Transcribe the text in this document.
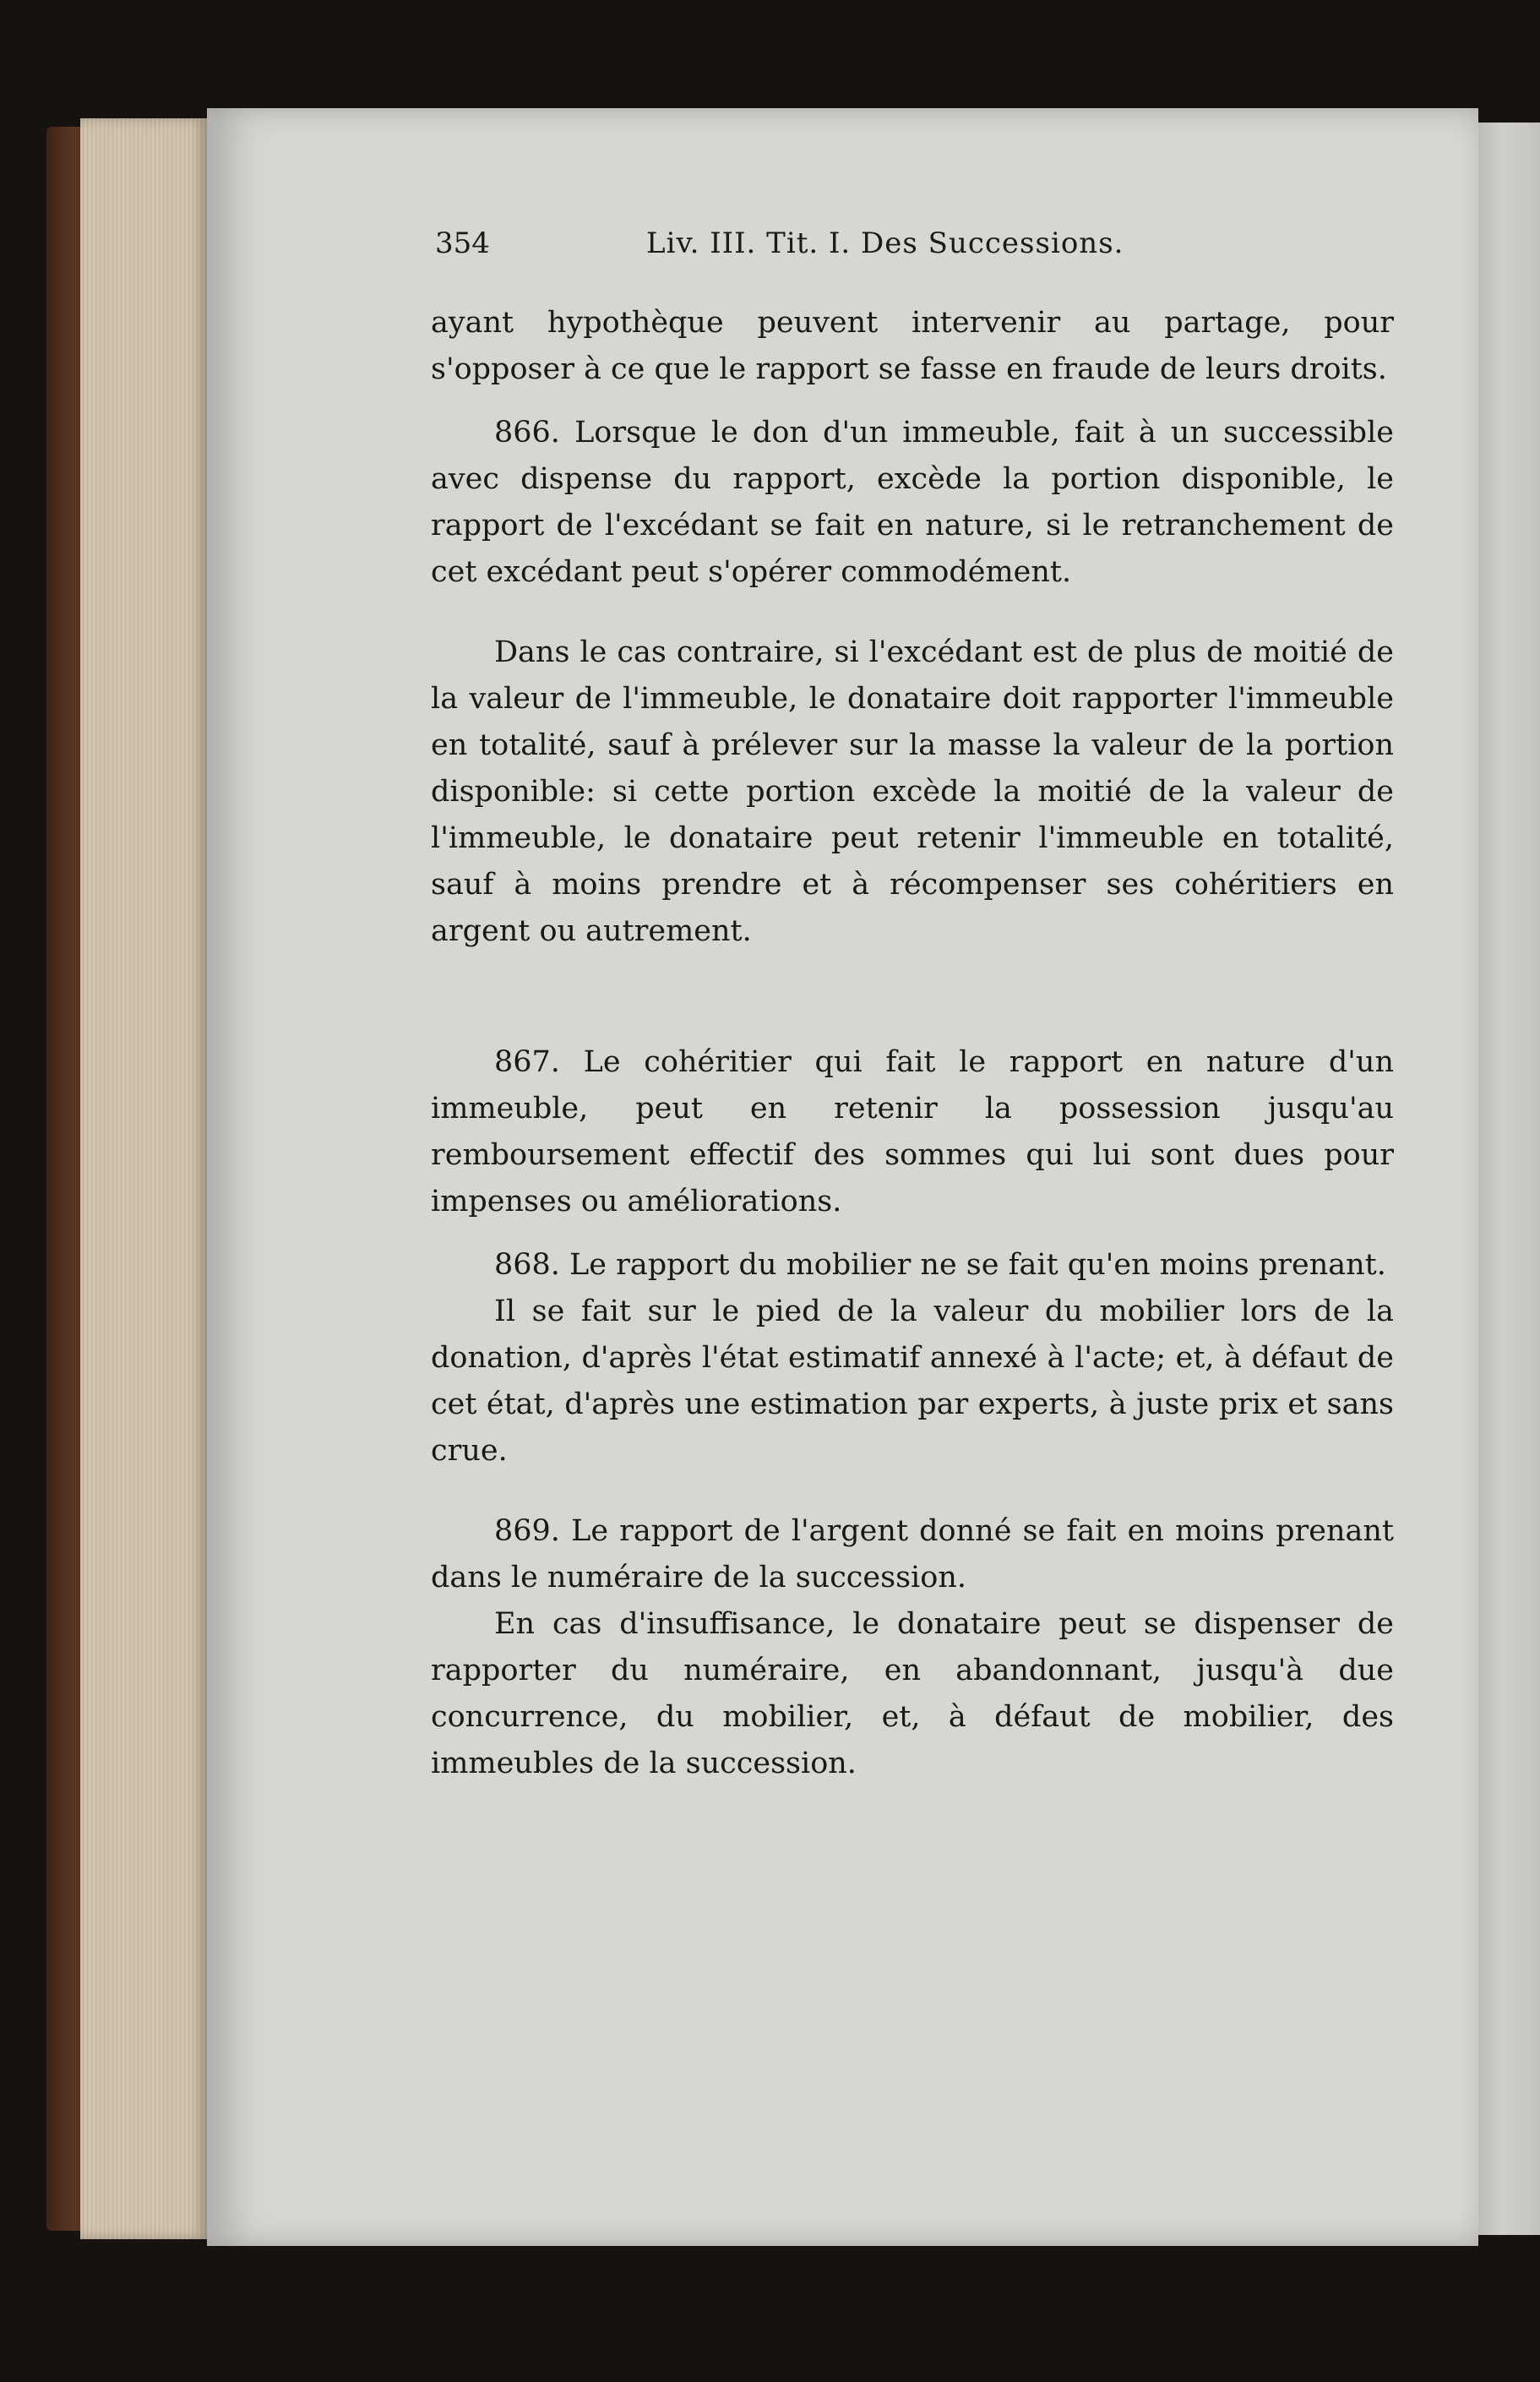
354	Liv. III. Tit. I. Des Successions.

ayant hypothèque peuvent intervenir au partage, pour s'opposer à ce que le rapport se fasse en fraude de leurs droits.

866. Lorsque le don d'un immeuble, fait à un successible avec dispense du rapport, excède la portion disponible, le rapport de l'excédant se fait en nature, si le retranchement de cet excédant peut s'opérer commodément.

Dans le cas contraire, si l'excédant est de plus de moitié de la valeur de l'immeuble, le donataire doit rapporter l'immeuble en totalité, sauf à prélever sur la masse la valeur de la portion disponible: si cette portion excède la moitié de la valeur de l'immeuble, le donataire peut retenir l'immeuble en totalité, sauf à moins prendre et à récompenser ses cohéritiers en argent ou autrement.

867. Le cohéritier qui fait le rapport en nature d'un immeuble, peut en retenir la possession jusqu'au remboursement effectif des sommes qui lui sont dues pour impenses ou améliorations.

868. Le rapport du mobilier ne se fait qu'en moins prenant.

Il se fait sur le pied de la valeur du mobilier lors de la donation, d'après l'état estimatif annexé à l'acte; et, à défaut de cet état, d'après une estimation par experts, à juste prix et sans crue.

869. Le rapport de l'argent donné se fait en moins prenant dans le numéraire de la succession.

En cas d'insuffisance, le donataire peut se dispenser de rapporter du numéraire, en abandonnant, jusqu'à due concurrence, du mobilier, et, à défaut de mobilier, des immeubles de la succession.
